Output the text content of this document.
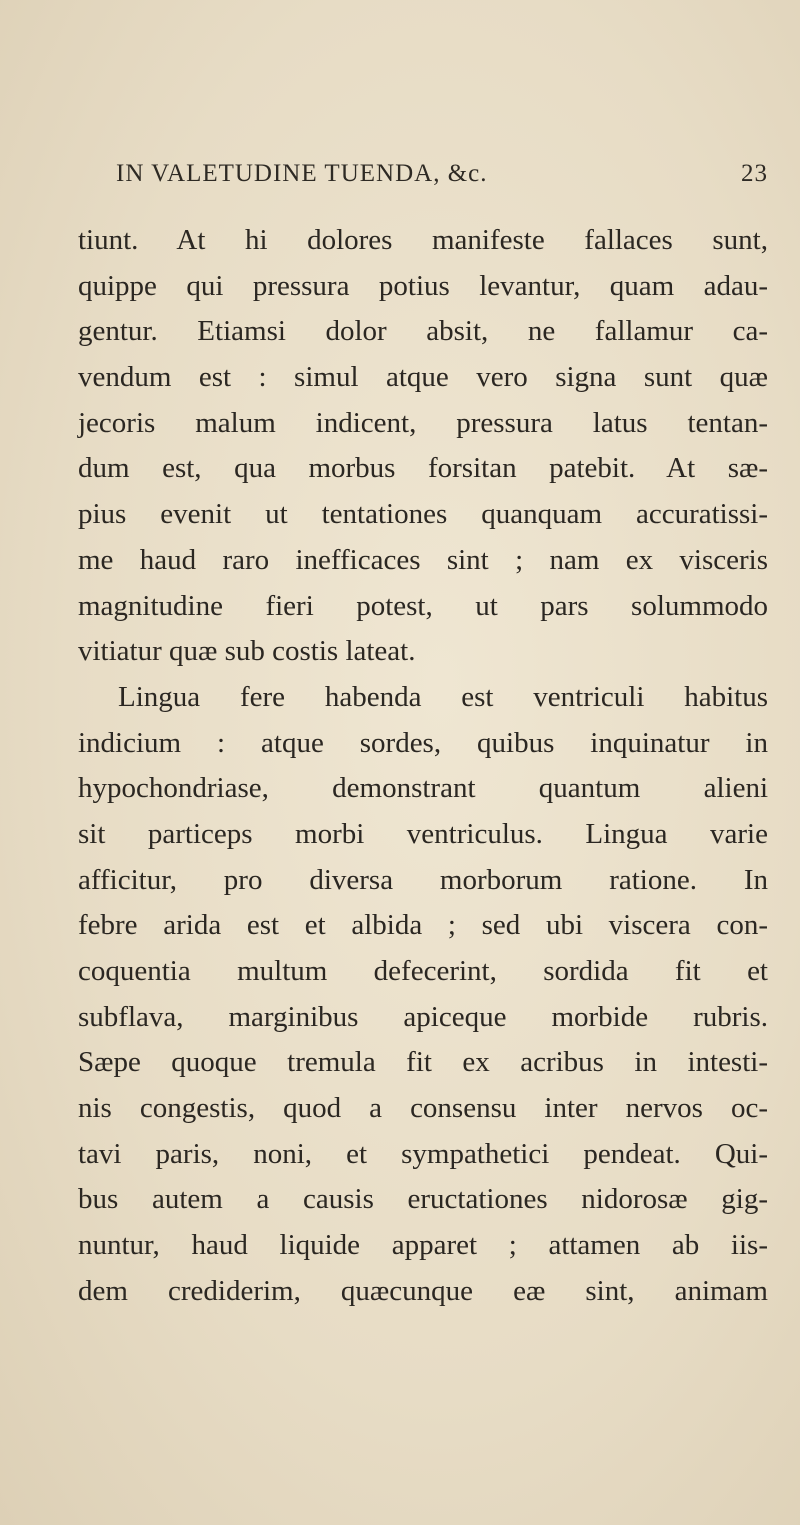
IN VALETUDINE TUENDA, &c.	23
tiunt. At hi dolores manifeste fallaces sunt,
quippe qui pressura potius levantur, quam adau-
gentur. Etiamsi dolor absit, ne fallamur ca-
vendum est : simul atque vero signa sunt quæ
jecoris malum indicent, pressura latus tentan-
dum est, qua morbus forsitan patebit. At sæ-
pius evenit ut tentationes quanquam accuratissi-
me haud raro inefficaces sint ; nam ex visceris
magnitudine fieri potest, ut pars solummodo
vitiatur quæ sub costis lateat.
Lingua fere habenda est ventriculi habitus
indicium : atque sordes, quibus inquinatur in
hypochondriase, demonstrant quantum alieni
sit particeps morbi ventriculus. Lingua varie
afficitur, pro diversa morborum ratione. In
febre arida est et albida ; sed ubi viscera con-
coquentia multum defecerint, sordida fit et
subflava, marginibus apiceque morbide rubris.
Sæpe quoque tremula fit ex acribus in intesti-
nis congestis, quod a consensu inter nervos oc-
tavi paris, noni, et sympathetici pendeat. Qui-
bus autem a causis eructationes nidorosæ gig-
nuntur, haud liquide apparet ; attamen ab iis-
dem crediderim, quæcunque eæ sint, animam
